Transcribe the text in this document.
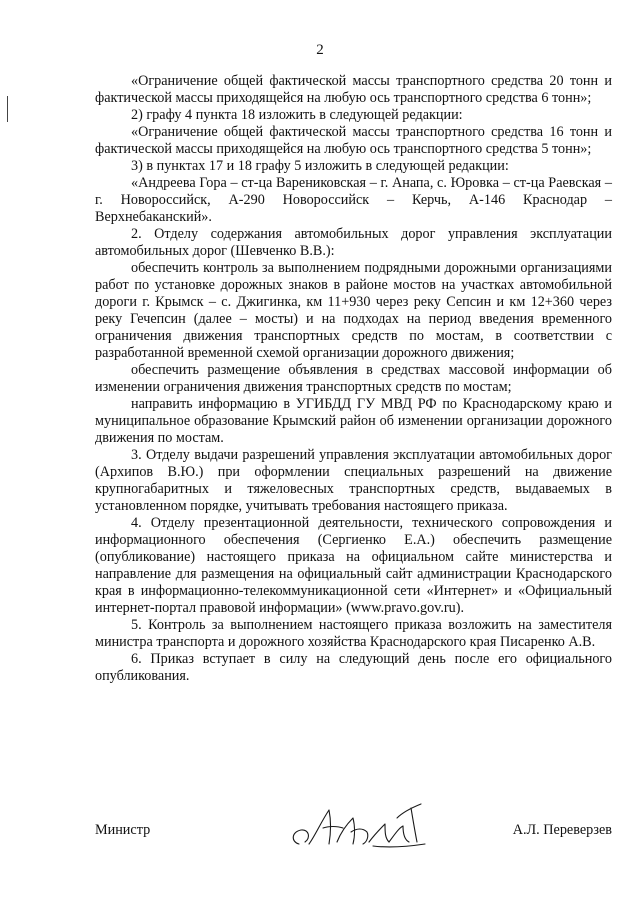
2

«Ограничение общей фактической массы транспортного средства 20 тонн и фактической массы приходящейся на любую ось транспортного средства 6 тонн»;

2) графу 4 пункта 18 изложить в следующей редакции:

«Ограничение общей фактической массы транспортного средства 16 тонн и фактической массы приходящейся на любую ось транспортного средства 5 тонн»;

3) в пунктах 17 и 18 графу 5 изложить в следующей редакции:

«Андреева Гора – ст-ца Варениковская – г. Анапа, с. Юровка – ст-ца Раевская – г. Новороссийск, А-290 Новороссийск – Керчь, А-146 Краснодар – Верхнебаканский».

2. Отделу содержания автомобильных дорог управления эксплуатации автомобильных дорог (Шевченко В.В.):

обеспечить контроль за выполнением подрядными дорожными организациями работ по установке дорожных знаков в районе мостов на участках автомобильной дороги г. Крымск – с. Джигинка, км 11+930 через реку Сепсин и км 12+360 через реку Гечепсин (далее – мосты) и на подходах на период введения временного ограничения движения транспортных средств по мостам, в соответствии с разработанной временной схемой организации дорожного движения;

обеспечить размещение объявления в средствах массовой информации об изменении ограничения движения транспортных средств по мостам;

направить информацию в УГИБДД ГУ МВД РФ по Краснодарскому краю и муниципальное образование Крымский район об изменении организации дорожного движения по мостам.

3. Отделу выдачи разрешений управления эксплуатации автомобильных дорог (Архипов В.Ю.) при оформлении специальных разрешений на движение крупногабаритных и тяжеловесных транспортных средств, выдаваемых в установленном порядке, учитывать требования настоящего приказа.

4. Отделу презентационной деятельности, технического сопровождения и информационного обеспечения (Сергиенко Е.А.) обеспечить размещение (опубликование) настоящего приказа на официальном сайте министерства и направление для размещения на официальный сайт администрации Краснодарского края в информационно-телекоммуникационной сети «Интернет» и «Официальный интернет-портал правовой информации» (www.pravo.gov.ru).

5. Контроль за выполнением настоящего приказа возложить на заместителя министра транспорта и дорожного хозяйства Краснодарского края Писаренко А.В.

6. Приказ вступает в силу на следующий день после его официального опубликования.

Министр	А.Л. Переверзев
